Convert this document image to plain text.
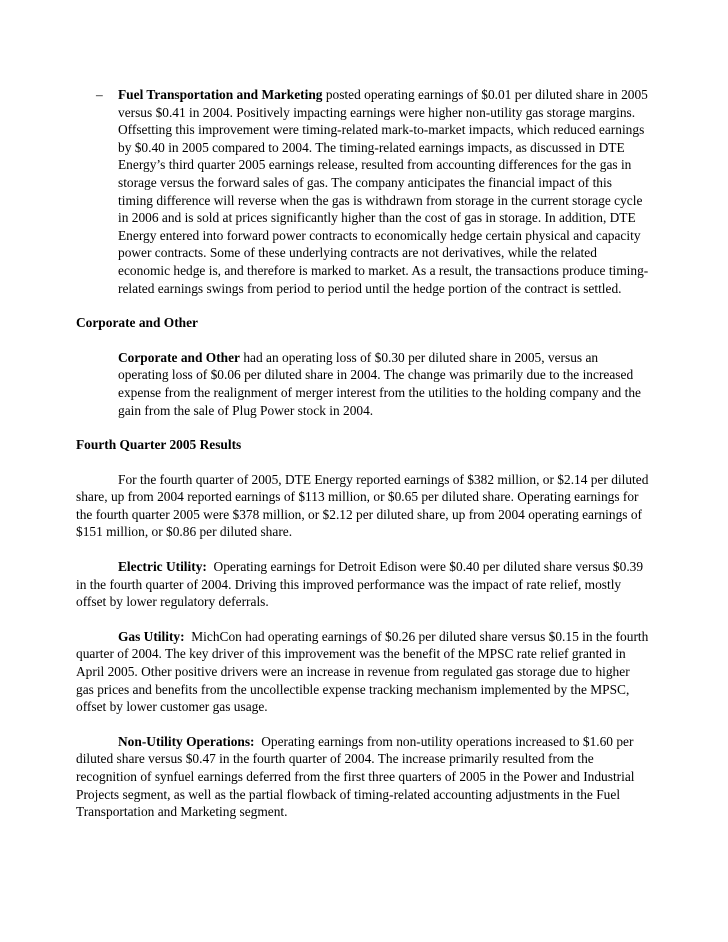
– Fuel Transportation and Marketing posted operating earnings of $0.01 per diluted share in 2005 versus $0.41 in 2004. Positively impacting earnings were higher non-utility gas storage margins. Offsetting this improvement were timing-related mark-to-market impacts, which reduced earnings by $0.40 in 2005 compared to 2004. The timing-related earnings impacts, as discussed in DTE Energy’s third quarter 2005 earnings release, resulted from accounting differences for the gas in storage versus the forward sales of gas. The company anticipates the financial impact of this timing difference will reverse when the gas is withdrawn from storage in the current storage cycle in 2006 and is sold at prices significantly higher than the cost of gas in storage. In addition, DTE Energy entered into forward power contracts to economically hedge certain physical and capacity power contracts. Some of these underlying contracts are not derivatives, while the related economic hedge is, and therefore is marked to market. As a result, the transactions produce timing-related earnings swings from period to period until the hedge portion of the contract is settled.
Corporate and Other
Corporate and Other had an operating loss of $0.30 per diluted share in 2005, versus an operating loss of $0.06 per diluted share in 2004. The change was primarily due to the increased expense from the realignment of merger interest from the utilities to the holding company and the gain from the sale of Plug Power stock in 2004.
Fourth Quarter 2005 Results
For the fourth quarter of 2005, DTE Energy reported earnings of $382 million, or $2.14 per diluted share, up from 2004 reported earnings of $113 million, or $0.65 per diluted share. Operating earnings for the fourth quarter 2005 were $378 million, or $2.12 per diluted share, up from 2004 operating earnings of $151 million, or $0.86 per diluted share.
Electric Utility:  Operating earnings for Detroit Edison were $0.40 per diluted share versus $0.39 in the fourth quarter of 2004. Driving this improved performance was the impact of rate relief, mostly offset by lower regulatory deferrals.
Gas Utility:  MichCon had operating earnings of $0.26 per diluted share versus $0.15 in the fourth quarter of 2004. The key driver of this improvement was the benefit of the MPSC rate relief granted in April 2005. Other positive drivers were an increase in revenue from regulated gas storage due to higher gas prices and benefits from the uncollectible expense tracking mechanism implemented by the MPSC, offset by lower customer gas usage.
Non-Utility Operations:  Operating earnings from non-utility operations increased to $1.60 per diluted share versus $0.47 in the fourth quarter of 2004. The increase primarily resulted from the recognition of synfuel earnings deferred from the first three quarters of 2005 in the Power and Industrial Projects segment, as well as the partial flowback of timing-related accounting adjustments in the Fuel Transportation and Marketing segment.
